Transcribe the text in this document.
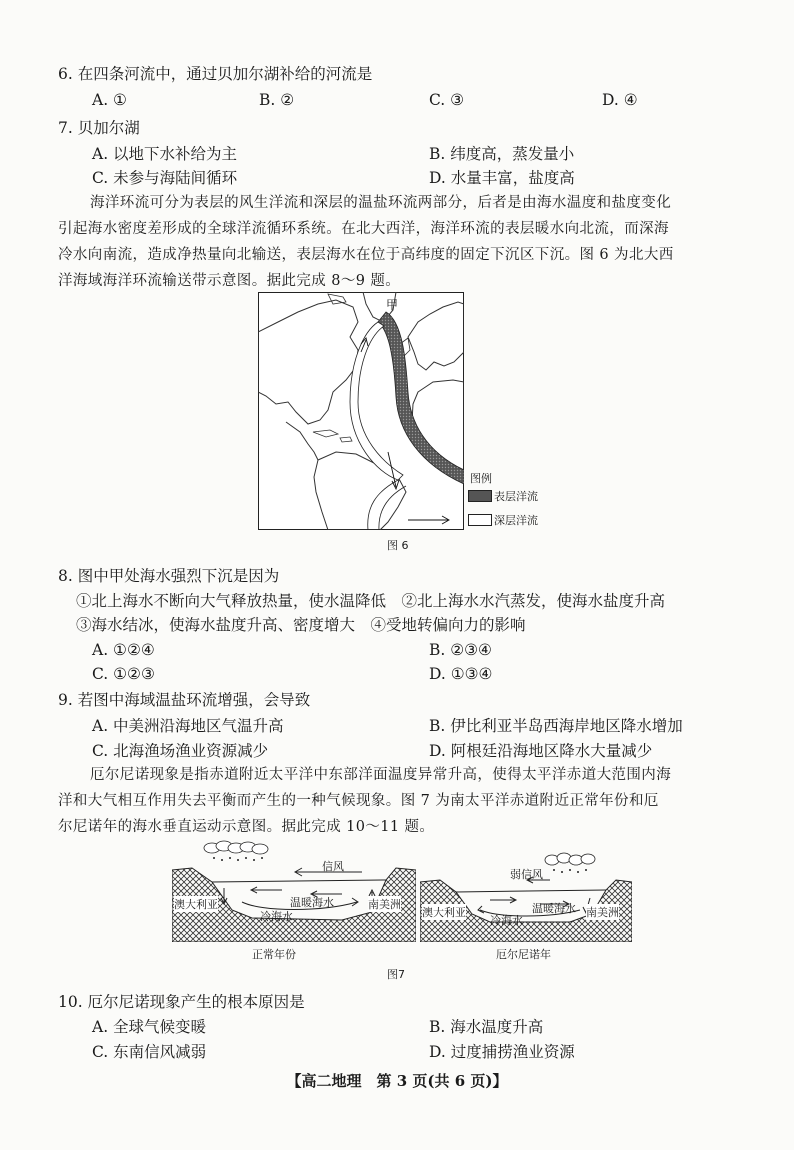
6. 在四条河流中，通过贝加尔湖补给的河流是
A. ①	B. ②	C. ③	D. ④
7. 贝加尔湖
A. 以地下水补给为主	B. 纬度高，蒸发量小
C. 未参与海陆间循环	D. 水量丰富，盐度高
海洋环流可分为表层的风生洋流和深层的温盐环流两部分，后者是由海水温度和盐度变化
引起海水密度差形成的全球洋流循环系统。在北大西洋，海洋环流的表层暖水向北流，而深海
冷水向南流，造成净热量向北输送，表层海水在位于高纬度的固定下沉区下沉。图 6 为北大西
洋海域海洋环流输送带示意图。据此完成 8～9 题。
甲
图例
表层洋流
深层洋流
图 6
8. 图中甲处海水强烈下沉是因为
①北上海水不断向大气释放热量，使水温降低　②北上海水水汽蒸发，使海水盐度升高
③海水结冰，使海水盐度升高、密度增大　④受地转偏向力的影响
A. ①②④	B. ②③④
C. ①②③	D. ①③④
9. 若图中海域温盐环流增强，会导致
A. 中美洲沿海地区气温升高	B. 伊比利亚半岛西海岸地区降水增加
C. 北海渔场渔业资源减少	D. 阿根廷沿海地区降水大量减少
厄尔尼诺现象是指赤道附近太平洋中东部洋面温度异常升高，使得太平洋赤道大范围内海
洋和大气相互作用失去平衡而产生的一种气候现象。图 7 为南太平洋赤道附近正常年份和厄
尔尼诺年的海水垂直运动示意图。据此完成 10～11 题。
信风
澳大利亚	南美洲
温暖海水
冷海水
正常年份
弱信风
澳大利亚	南美洲
温暖海水
冷海水
厄尔尼诺年
图7
10. 厄尔尼诺现象产生的根本原因是
A. 全球气候变暖	B. 海水温度升高
C. 东南信风减弱	D. 过度捕捞渔业资源
【高二地理　第 3 页(共 6 页)】
